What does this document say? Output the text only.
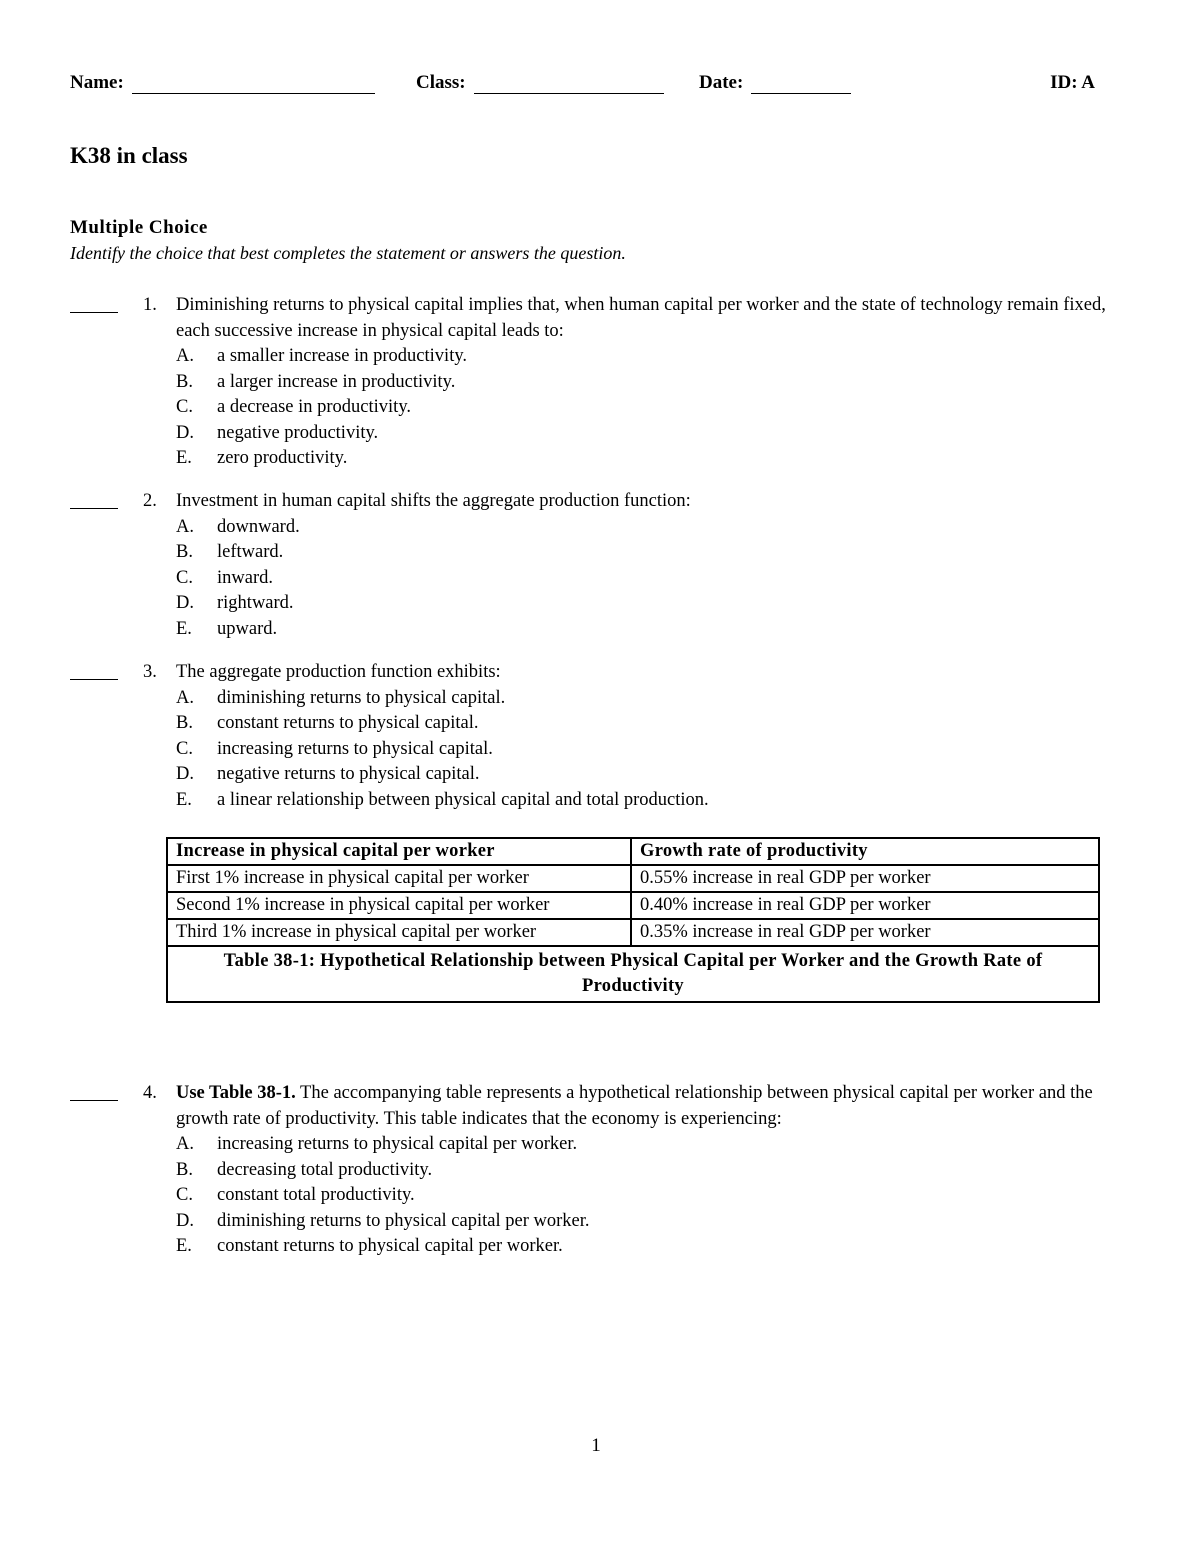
Name:	Class:	Date:	ID: A
K38 in class
Multiple Choice
Identify the choice that best completes the statement or answers the question.
1. Diminishing returns to physical capital implies that, when human capital per worker and the state of technology remain fixed, each successive increase in physical capital leads to:
A. a smaller increase in productivity.
B. a larger increase in productivity.
C. a decrease in productivity.
D. negative productivity.
E. zero productivity.
2. Investment in human capital shifts the aggregate production function:
A. downward.
B. leftward.
C. inward.
D. rightward.
E. upward.
3. The aggregate production function exhibits:
A. diminishing returns to physical capital.
B. constant returns to physical capital.
C. increasing returns to physical capital.
D. negative returns to physical capital.
E. a linear relationship between physical capital and total production.
Increase in physical capital per worker	Growth rate of productivity
First 1% increase in physical capital per worker	0.55% increase in real GDP per worker
Second 1% increase in physical capital per worker	0.40% increase in real GDP per worker
Third 1% increase in physical capital per worker	0.35% increase in real GDP per worker
Table 38-1: Hypothetical Relationship between Physical Capital per Worker and the Growth Rate of Productivity	
4. Use Table 38-1. The accompanying table represents a hypothetical relationship between physical capital per worker and the growth rate of productivity. This table indicates that the economy is experiencing:
A. increasing returns to physical capital per worker.
B. decreasing total productivity.
C. constant total productivity.
D. diminishing returns to physical capital per worker.
E. constant returns to physical capital per worker.
1
